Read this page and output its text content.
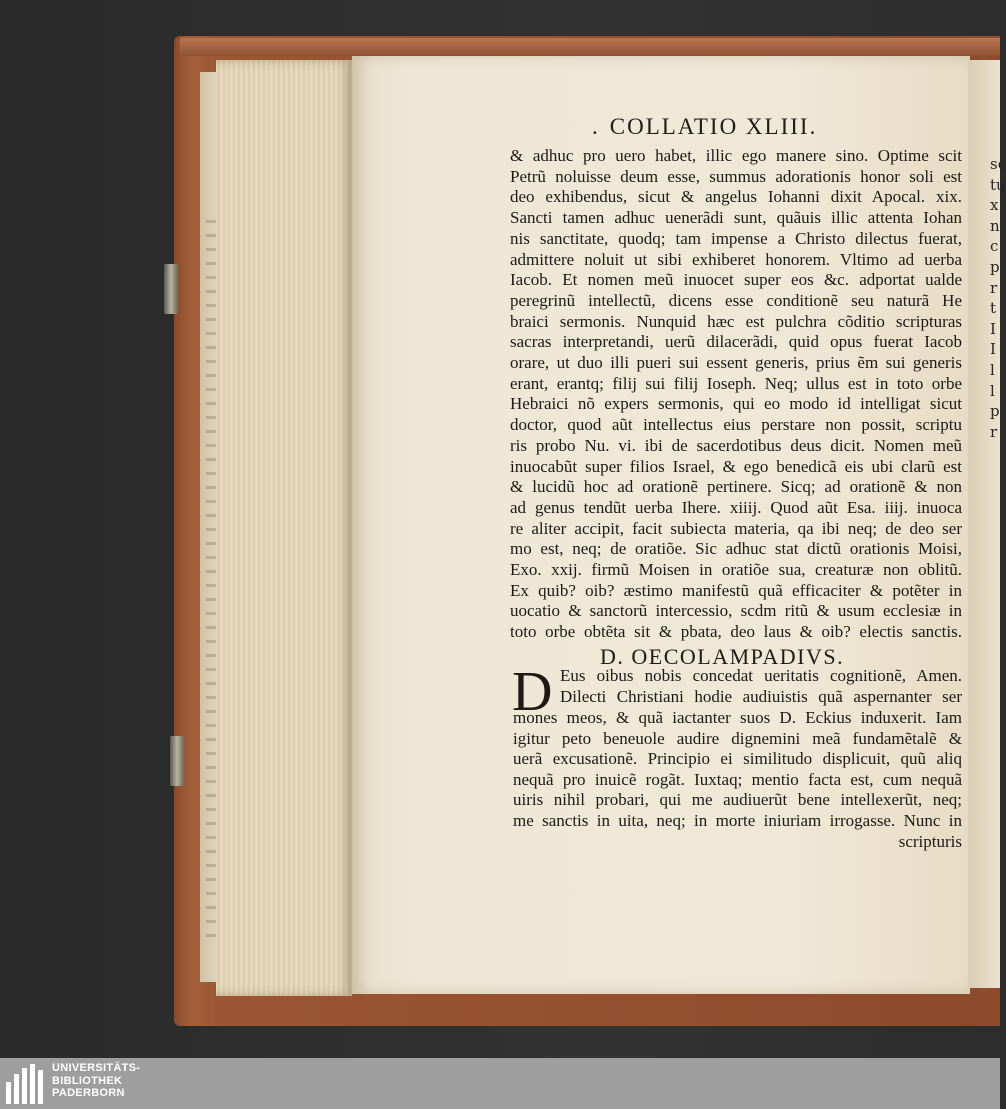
sc
tu
x
n
c
p
r
t
I
I
l
l
p
r
. COLLATIO XLIII.
& adhuc pro uero habet, illic ego manere sino. Optime scit
Petrũ noluisse deum esse, summus adorationis honor soli est
deo exhibendus, sicut & angelus Iohanni dixit Apocal. xix.
Sancti tamen adhuc uenerãdi sunt, quãuis illic attenta Iohan
nis sanctitate, quodq; tam impense a Christo dilectus fuerat,
admittere noluit ut sibi exhiberet honorem. Vltimo ad uerba
Iacob. Et nomen meũ inuocet super eos &c. adportat ualde
peregrinũ intellectũ, dicens esse conditionẽ seu naturã He
braici sermonis. Nunquid hæc est pulchra cõditio scripturas
sacras interpretandi, uerũ dilacerãdi, quid opus fuerat Iacob
orare, ut duo illi pueri sui essent generis, prius ẽm sui generis
erant, erantq; filij sui filij Ioseph. Neq; ullus est in toto orbe
Hebraici nõ expers sermonis, qui eo modo id intelligat sicut
doctor, quod aũt intellectus eius perstare non possit, scriptu
ris probo Nu. vi. ibi de sacerdotibus deus dicit. Nomen meũ
inuocabũt super filios Israel, & ego benedicã eis ubi clarũ est
& lucidũ hoc ad orationẽ pertinere. Sicq; ad orationẽ & non
ad genus tendũt uerba Ihere. xiiij. Quod aũt Esa. iiij. inuoca
re aliter accipit, facit subiecta materia, qa ibi neq; de deo ser
mo est, neq; de oratiõe. Sic adhuc stat dictũ orationis Moisi,
Exo. xxij. firmũ Moisen in oratiõe sua, creaturæ non oblitũ.
Ex quib? oib? æstimo manifestũ quã efficaciter & potẽter in
uocatio & sanctorũ intercessio, scdm ritũ & usum ecclesiæ in
toto orbe obtẽta sit & pbata, deo laus & oib? electis sanctis.
D. OECOLAMPADIVS.
D Eus oibus nobis concedat ueritatis cognitionẽ, Amen.
Dilecti Christiani hodie audiuistis quã aspernanter ser
mones meos, & quã iactanter suos D. Eckius induxerit. Iam
igitur peto beneuole audire dignemini meã fundamẽtalẽ &
uerã excusationẽ. Principio ei similitudo displicuit, quũ aliq
nequã pro inuicẽ rogãt. Iuxtaq; mentio facta est, cum nequã
uiris nihil probari, qui me audiuerũt bene intellexerũt, neq;
me sanctis in uita, neq; in morte iniuriam irrogasse. Nunc in
scripturis
UNIVERSITÄTS-
BIBLIOTHEK
PADERBORN
